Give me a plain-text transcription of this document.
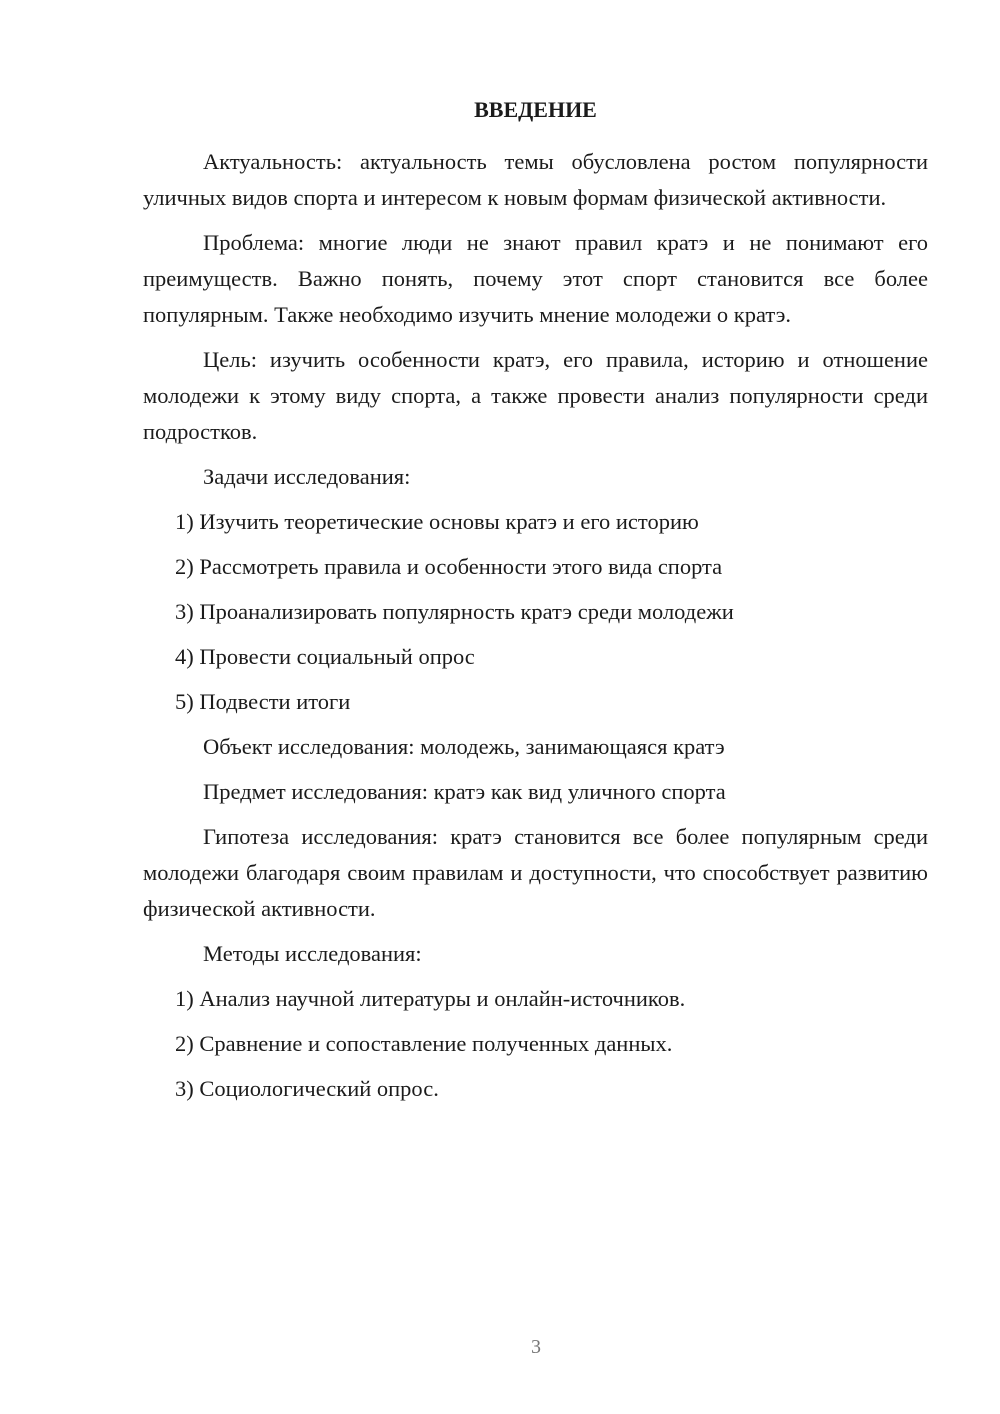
ВВЕДЕНИЕ

Актуальность: актуальность темы обусловлена ростом популярности уличных видов спорта и интересом к новым формам физической активности.

Проблема: многие люди не знают правил кратэ и не понимают его преимуществ. Важно понять, почему этот спорт становится все более популярным. Также необходимо изучить мнение молодежи о кратэ.

Цель: изучить особенности кратэ, его правила, историю и отношение молодежи к этому виду спорта, а также провести анализ популярности среди подростков.

Задачи исследования:
1) Изучить теоретические основы кратэ и его историю
2) Рассмотреть правила и особенности этого вида спорта
3) Проанализировать популярность кратэ среди молодежи
4) Провести социальный опрос
5) Подвести итоги
Объект исследования: молодежь, занимающаяся кратэ
Предмет исследования: кратэ как вид уличного спорта

Гипотеза исследования: кратэ становится все более популярным среди молодежи благодаря своим правилам и доступности, что способствует развитию физической активности.

Методы исследования:
1) Анализ научной литературы и онлайн-источников.
2) Сравнение и сопоставление полученных данных.
3) Социологический опрос.
3
